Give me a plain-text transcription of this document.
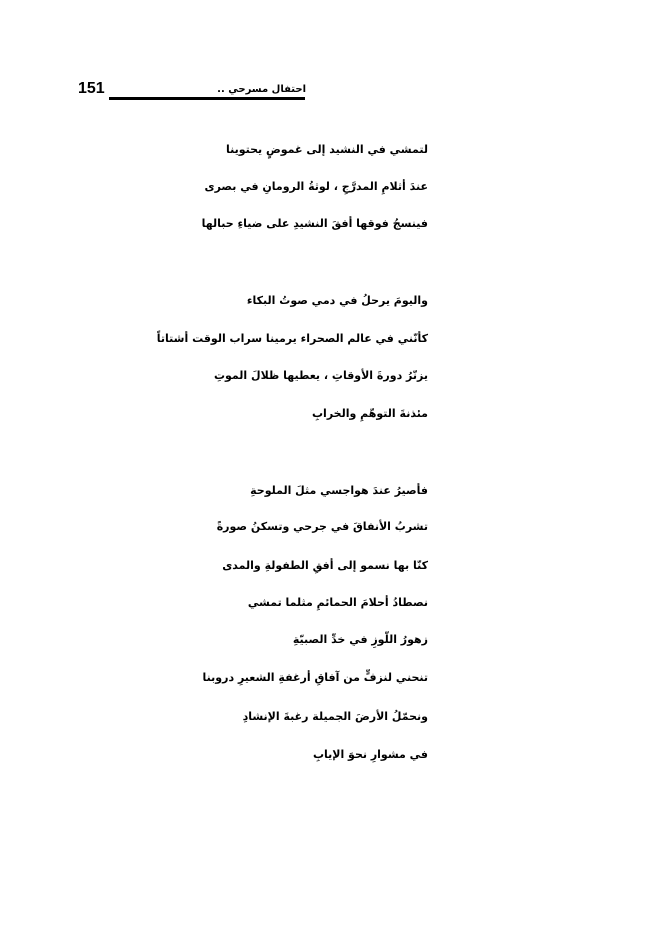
151	احتفال مسرحي ..
لتمشي في النشيد إلى غموضٍ يحتوينا
عندَ أثلامِ المدرَّجِ ، لوثةُ الرومانِ في بصرى
فينسجُ فوقها أفقَ النشيدِ على ضياءِ حبالها
واليومَ يرحلُ في دمي صوتُ البكاء
كأنّني في عالم الصحراء يرمينا سراب الوقت أشتاتاً
يزنّرُ دورةَ الأوقاتِ ، يعطيها ظلالَ الموتِ
مئذنةَ التوهّمِ والخرابِ
فأصيرُ عندَ هواجسي مثلَ الملوحةِ
تشربُ الأنفاقَ في جرحي وتسكنُ صورةً
كنّا بها نسمو إلى أفقِ الطفولةِ والمدى
نصطادُ أحلامَ الحمائمِ مثلما تمشي
زهورُ اللّوزِ في خدِّ الصبيّةِ
تنحني لنزفٍّ من آفاقِ أرغفةِ الشعيرِ دروبنا
ونحمّلُ الأرضَ الجميلة رغبةَ الإنشادِ
في مشوارِ نحوَ الإيابِ
